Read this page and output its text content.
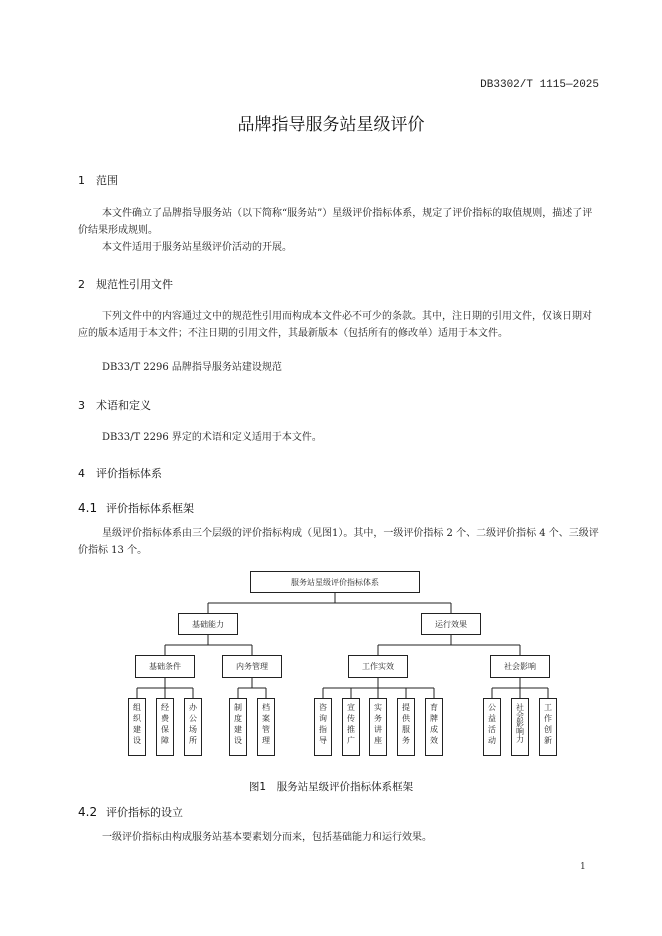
DB3302/T 1115—2025
品牌指导服务站星级评价
1 范围
本文件确立了品牌指导服务站（以下简称“服务站”）星级评价指标体系，规定了评价指标的取值规则，描述了评价结果形成规则。
本文件适用于服务站星级评价活动的开展。
2 规范性引用文件
下列文件中的内容通过文中的规范性引用而构成本文件必不可少的条款。其中，注日期的引用文件，仅该日期对应的版本适用于本文件；不注日期的引用文件，其最新版本（包括所有的修改单）适用于本文件。
DB33/T 2296 品牌指导服务站建设规范
3 术语和定义
DB33/T 2296 界定的术语和定义适用于本文件。
4 评价指标体系
4.1 评价指标体系框架
星级评价指标体系由三个层级的评价指标构成（见图1）。其中，一级评价指标 2 个、二级评价指标 4 个、三级评价指标 13 个。
服务站星级评价指标体系
基础能力	运行效果
基础条件	内务管理	工作实效	社会影响
组织建设 经费保障 办公场所	制度建设 档案管理	咨询指导 宣传推广 实务讲座 提供服务 育牌成效	公益活动 社会影响力 工作创新
图1　服务站星级评价指标体系框架
4.2 评价指标的设立
一级评价指标由构成服务站基本要素划分而来，包括基础能力和运行效果。
1
